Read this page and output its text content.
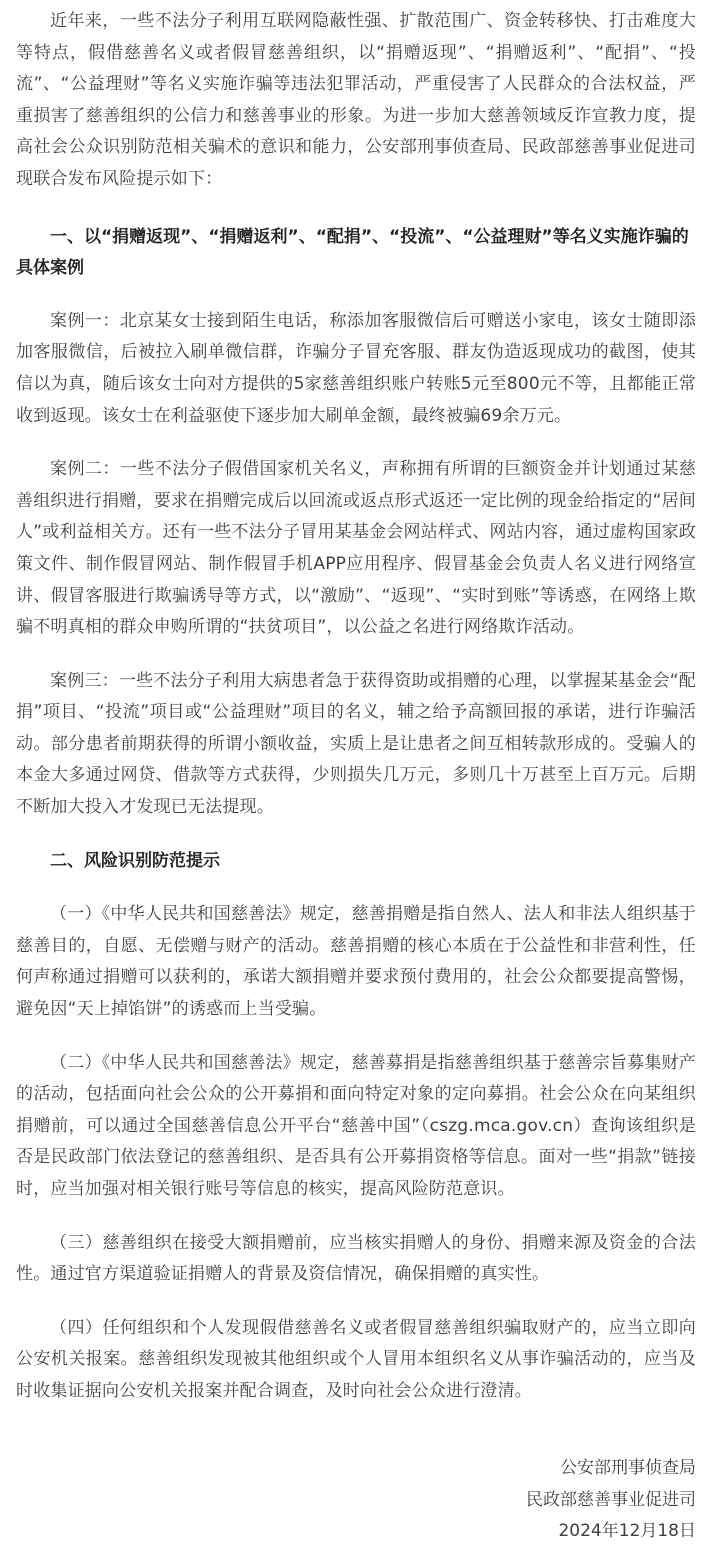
近年来，一些不法分子利用互联网隐蔽性强、扩散范围广、资金转移快、打击难度大等特点，假借慈善名义或者假冒慈善组织，以“捐赠返现”、“捐赠返利”、“配捐”、“投流”、“公益理财”等名义实施诈骗等违法犯罪活动，严重侵害了人民群众的合法权益，严重损害了慈善组织的公信力和慈善事业的形象。为进一步加大慈善领域反诈宣教力度，提高社会公众识别防范相关骗术的意识和能力，公安部刑事侦查局、民政部慈善事业促进司现联合发布风险提示如下：

一、以“捐赠返现”、“捐赠返利”、“配捐”、“投流”、“公益理财”等名义实施诈骗的具体案例

案例一：北京某女士接到陌生电话，称添加客服微信后可赠送小家电，该女士随即添加客服微信，后被拉入刷单微信群，诈骗分子冒充客服、群友伪造返现成功的截图，使其信以为真，随后该女士向对方提供的5家慈善组织账户转账5元至800元不等，且都能正常收到返现。该女士在利益驱使下逐步加大刷单金额，最终被骗69余万元。

案例二：一些不法分子假借国家机关名义，声称拥有所谓的巨额资金并计划通过某慈善组织进行捐赠，要求在捐赠完成后以回流或返点形式返还一定比例的现金给指定的“居间人”或利益相关方。还有一些不法分子冒用某基金会网站样式、网站内容，通过虚构国家政策文件、制作假冒网站、制作假冒手机APP应用程序、假冒基金会负责人名义进行网络宣讲、假冒客服进行欺骗诱导等方式，以“激励”、“返现”、“实时到账”等诱惑，在网络上欺骗不明真相的群众申购所谓的“扶贫项目”，以公益之名进行网络欺诈活动。

案例三：一些不法分子利用大病患者急于获得资助或捐赠的心理，以掌握某基金会“配捐”项目、“投流”项目或“公益理财”项目的名义，辅之给予高额回报的承诺，进行诈骗活动。部分患者前期获得的所谓小额收益，实质上是让患者之间互相转款形成的。受骗人的本金大多通过网贷、借款等方式获得，少则损失几万元，多则几十万甚至上百万元。后期不断加大投入才发现已无法提现。

二、风险识别防范提示

（一）《中华人民共和国慈善法》规定，慈善捐赠是指自然人、法人和非法人组织基于慈善目的，自愿、无偿赠与财产的活动。慈善捐赠的核心本质在于公益性和非营利性，任何声称通过捐赠可以获利的，承诺大额捐赠并要求预付费用的，社会公众都要提高警惕，避免因“天上掉馅饼”的诱惑而上当受骗。

（二）《中华人民共和国慈善法》规定，慈善募捐是指慈善组织基于慈善宗旨募集财产的活动，包括面向社会公众的公开募捐和面向特定对象的定向募捐。社会公众在向某组织捐赠前，可以通过全国慈善信息公开平台“慈善中国”（cszg.mca.gov.cn）查询该组织是否是民政部门依法登记的慈善组织、是否具有公开募捐资格等信息。面对一些“捐款”链接时，应当加强对相关银行账号等信息的核实，提高风险防范意识。

（三）慈善组织在接受大额捐赠前，应当核实捐赠人的身份、捐赠来源及资金的合法性。通过官方渠道验证捐赠人的背景及资信情况，确保捐赠的真实性。

（四）任何组织和个人发现假借慈善名义或者假冒慈善组织骗取财产的，应当立即向公安机关报案。慈善组织发现被其他组织或个人冒用本组织名义从事诈骗活动的，应当及时收集证据向公安机关报案并配合调查，及时向社会公众进行澄清。

公安部刑事侦查局
民政部慈善事业促进司
2024年12月18日
